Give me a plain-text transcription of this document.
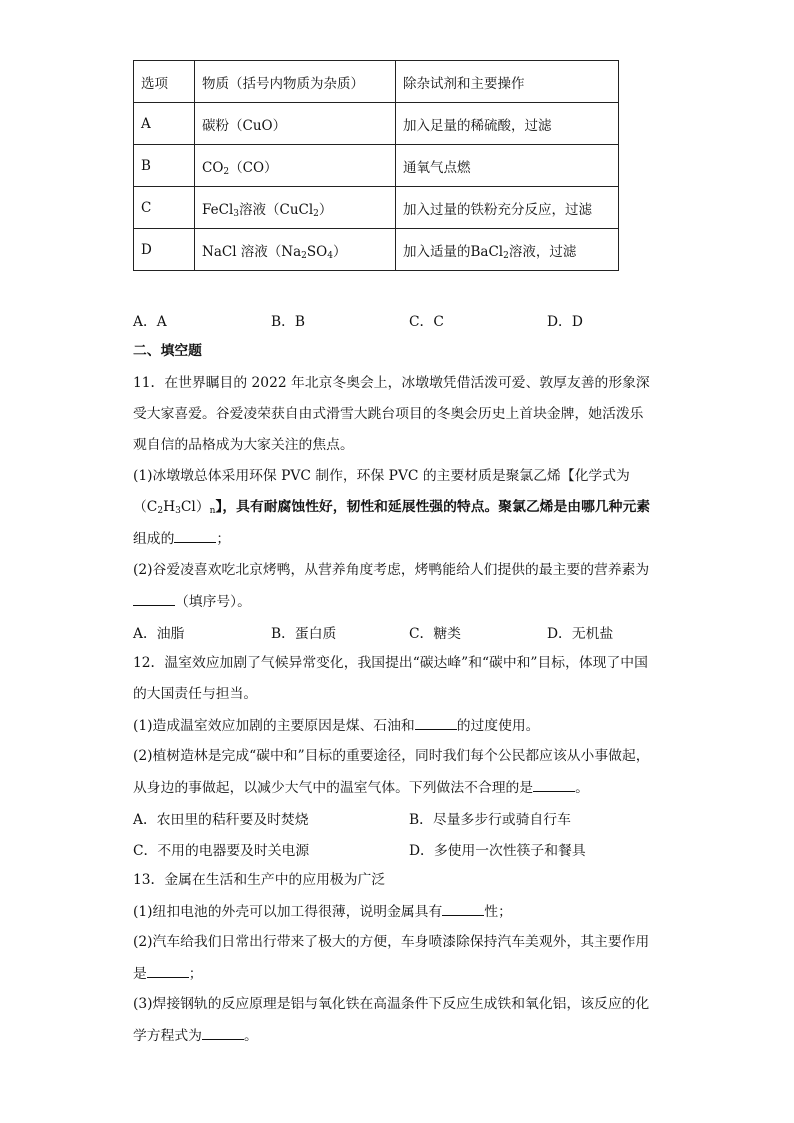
选项	物质（括号内物质为杂质）	除杂试剂和主要操作
A	碳粉（CuO）	加入足量的稀硫酸，过滤
B	$CO_2(CO)$	通氧气点燃
C	FeCl$_3$溶液（CuCl$_2$）	加入过量的铁粉充分反应，过滤
D	NaCl 溶液$(Na_2SO_4)$	加入适量的BaCl$_2$溶液，过滤
A．A	B．B	C．C	D．D
二、填空题
11．在世界瞩目的 2022 年北京冬奥会上，冰墩墩凭借活泼可爱、敦厚友善的形象深
受大家喜爱。谷爱凌荣获自由式滑雪大跳台项目的冬奥会历史上首块金牌，她活泼乐
观自信的品格成为大家关注的焦点。
(1)冰墩墩总体采用环保 PVC 制作，环保 PVC 的主要材质是聚氯乙烯【化学式为
$(C_2H_3Cl)_n$】，具有耐腐蚀性好，韧性和延展性强的特点。聚氯乙烯是由哪几种元素
组成的	；
(2)谷爱凌喜欢吃北京烤鸭，从营养角度考虑，烤鸭能给人们提供的最主要的营养素为
（填序号）。
A．油脂	B．蛋白质	C．糖类	D．无机盐
12．温室效应加剧了气候异常变化，我国提出“碳达峰”和“碳中和”目标，体现了中国
的大国责任与担当。
(1)造成温室效应加剧的主要原因是煤、石油和	的过度使用。
(2)植树造林是完成“碳中和”目标的重要途径，同时我们每个公民都应该从小事做起，
从身边的事做起，以减少大气中的温室气体。下列做法不合理的是	。
A．农田里的秸秆要及时焚烧	B．尽量多步行或骑自行车
C．不用的电器要及时关电源	D．多使用一次性筷子和餐具
13．金属在生活和生产中的应用极为广泛
(1)纽扣电池的外壳可以加工得很薄，说明金属具有	性；
(2)汽车给我们日常出行带来了极大的方便，车身喷漆除保持汽车美观外，其主要作用
是	；
(3)焊接钢轨的反应原理是铝与氧化铁在高温条件下反应生成铁和氧化铝，该反应的化
学方程式为	。
